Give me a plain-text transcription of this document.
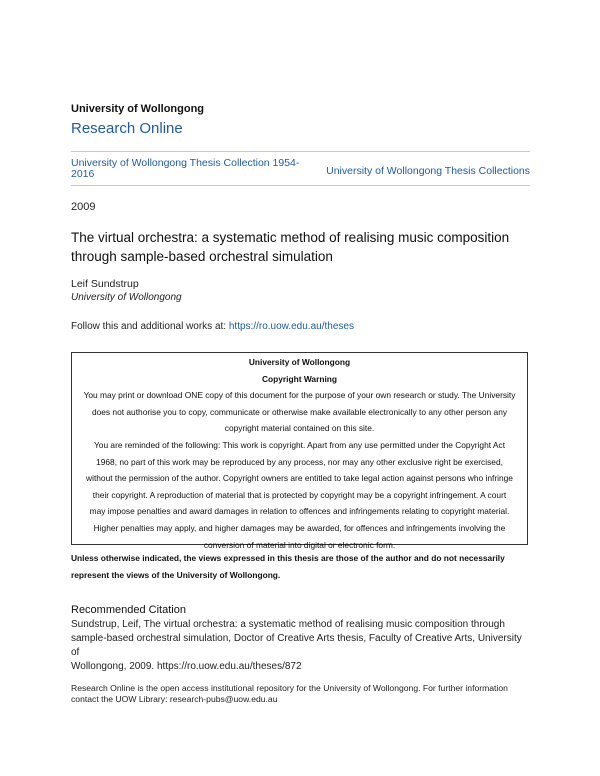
University of Wollongong
Research Online
University of Wollongong Thesis Collection 1954-2016	University of Wollongong Thesis Collections
2009
The virtual orchestra: a systematic method of realising music composition through sample-based orchestral simulation
Leif Sundstrup
University of Wollongong
Follow this and additional works at: https://ro.uow.edu.au/theses
University of Wollongong
Copyright Warning
You may print or download ONE copy of this document for the purpose of your own research or study. The University
does not authorise you to copy, communicate or otherwise make available electronically to any other person any
copyright material contained on this site.
You are reminded of the following: This work is copyright. Apart from any use permitted under the Copyright Act
1968, no part of this work may be reproduced by any process, nor may any other exclusive right be exercised,
without the permission of the author. Copyright owners are entitled to take legal action against persons who infringe
their copyright. A reproduction of material that is protected by copyright may be a copyright infringement. A court
may impose penalties and award damages in relation to offences and infringements relating to copyright material.
Higher penalties may apply, and higher damages may be awarded, for offences and infringements involving the
conversion of material into digital or electronic form.
Unless otherwise indicated, the views expressed in this thesis are those of the author and do not necessarily
represent the views of the University of Wollongong.
Recommended Citation
Sundstrup, Leif, The virtual orchestra: a systematic method of realising music composition through
sample-based orchestral simulation, Doctor of Creative Arts thesis, Faculty of Creative Arts, University of
Wollongong, 2009. https://ro.uow.edu.au/theses/872
Research Online is the open access institutional repository for the University of Wollongong. For further information
contact the UOW Library: research-pubs@uow.edu.au
